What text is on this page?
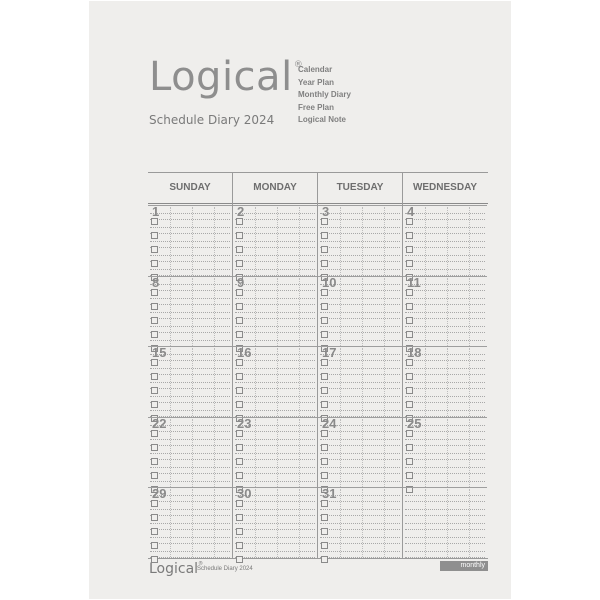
Logical®
Schedule Diary 2024
Calendar
Year Plan
Monthly Diary
Free Plan
Logical Note
SUNDAY	MONDAY	TUESDAY	WEDNESDAY
1	2	3	4
8	9	10	11
15	16	17	18
22	23	24	25
29	30	31
Logical®
Schedule Diary 2024	monthly
